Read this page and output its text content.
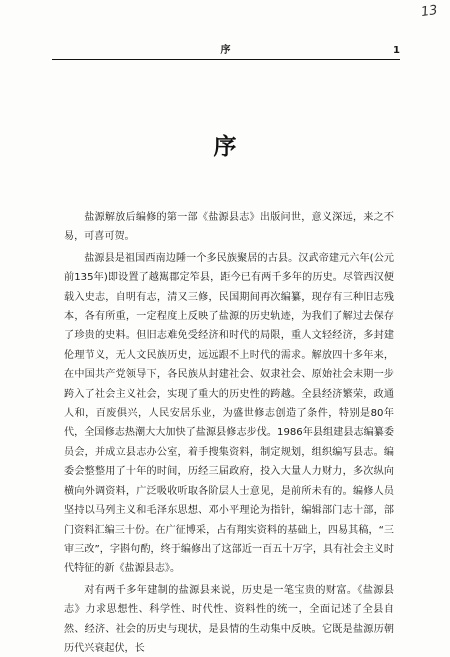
13
序	1
序

盐源解放后编修的第一部《盐源县志》出版问世，意义深远，来之不易，可喜可贺。

盐源县是祖国西南边陲一个多民族聚居的古县。汉武帝建元六年(公元前135年)即设置了越嶲郡定笮县，距今已有两千多年的历史。尽管西汉便载入史志，自明有志，清又三修，民国期间再次编纂，现存有三种旧志残本，各有所重，一定程度上反映了盐源的历史轨迹，为我们了解过去保存了珍贵的史料。但旧志难免受经济和时代的局限，重人文轻经济，多封建伦理节义，无人文民族历史，远远跟不上时代的需求。解放四十多年来，在中国共产党领导下，各民族从封建社会、奴隶社会、原始社会末期一步跨入了社会主义社会，实现了重大的历史性的跨越。全县经济繁荣，政通人和，百废俱兴，人民安居乐业，为盛世修志创造了条件，特别是80年代，全国修志热潮大大加快了盐源县修志步伐。1986年县组建县志编纂委员会，并成立县志办公室，着手搜集资料，制定规划，组织编写县志。编委会整整用了十年的时间，历经三届政府，投入大量人力财力，多次纵向横向外调资料，广泛吸收听取各阶层人士意见，是前所未有的。编修人员坚持以马列主义和毛泽东思想、邓小平理论为指针，编辑部门志十部，部门资料汇编三十份。在广征博采，占有翔实资料的基础上，四易其稿，“三审三改”，字斟句酌，终于编修出了这部近一百五十万字，具有社会主义时代特征的新《盐源县志》。

对有两千多年建制的盐源县来说，历史是一笔宝贵的财富。《盐源县志》力求思想性、科学性、时代性、资料性的统一，全面记述了全县自然、经济、社会的历史与现状，是县情的生动集中反映。它既是盐源历朝历代兴衰起伏，长
